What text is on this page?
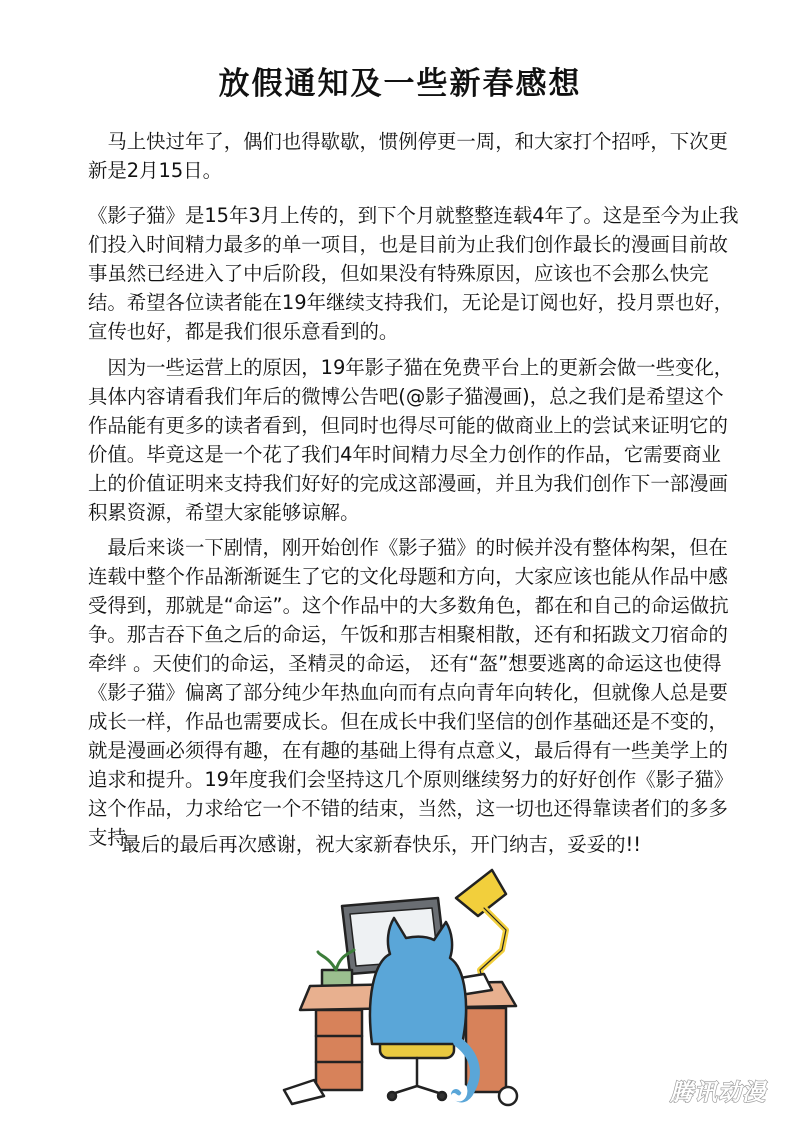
放假通知及一些新春感想
马上快过年了，偶们也得歇歇，惯例停更一周，和大家打个招呼，下次更新是2月15日。
《影子猫》是15年3月上传的，到下个月就整整连载4年了。这是至今为止我们投入时间精力最多的单一项目，也是目前为止我们创作最长的漫画目前故事虽然已经进入了中后阶段，但如果没有特殊原因，应该也不会那么快完结。希望各位读者能在19年继续支持我们，无论是订阅也好，投月票也好，宣传也好，都是我们很乐意看到的。
因为一些运营上的原因，19年影子猫在免费平台上的更新会做一些变化，具体内容请看我们年后的微博公告吧(@影子猫漫画)，总之我们是希望这个作品能有更多的读者看到，但同时也得尽可能的做商业上的尝试来证明它的价值。毕竟这是一个花了我们4年时间精力尽全力创作的作品，它需要商业上的价值证明来支持我们好好的完成这部漫画，并且为我们创作下一部漫画积累资源，希望大家能够谅解。
最后来谈一下剧情，刚开始创作《影子猫》的时候并没有整体构架，但在连载中整个作品渐渐诞生了它的文化母题和方向，大家应该也能从作品中感受得到，那就是“命运”。这个作品中的大多数角色，都在和自己的命运做抗争。那吉吞下鱼之后的命运，午饭和那吉相聚相散，还有和拓跋文刀宿命的牵绊 。天使们的命运，圣精灵的命运， 还有“盔”想要逃离的命运这也使得《影子猫》偏离了部分纯少年热血向而有点向青年向转化，但就像人总是要成长一样，作品也需要成长。但在成长中我们坚信的创作基础还是不变的，就是漫画必须得有趣，在有趣的基础上得有点意义，最后得有一些美学上的追求和提升。19年度我们会坚持这几个原则继续努力的好好创作《影子猫》这个作品，力求给它一个不错的结束，当然，这一切也还得靠读者们的多多支持。
最后的最后再次感谢，祝大家新春快乐，开门纳吉，妥妥的!!
腾讯动漫
